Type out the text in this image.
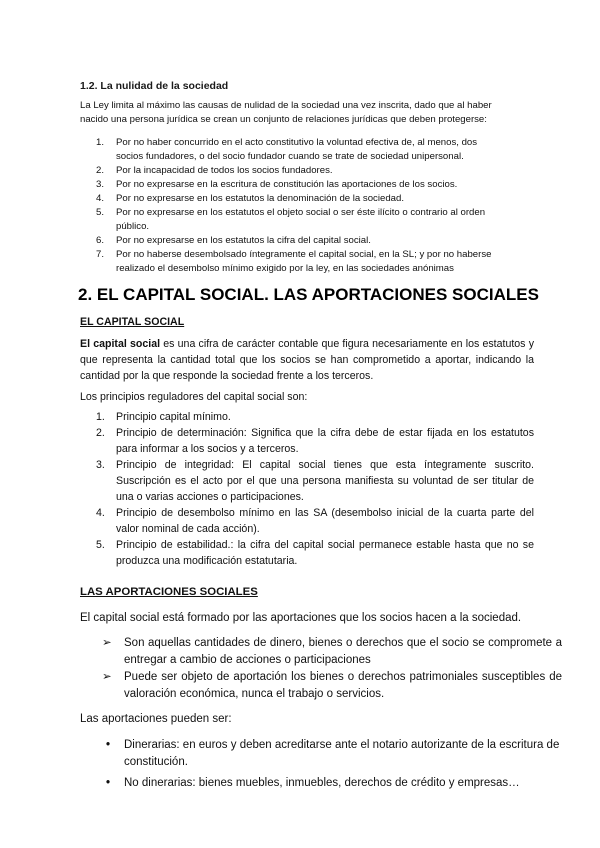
1.2. La nulidad de la sociedad

La Ley limita al máximo las causas de nulidad de la sociedad una vez inscrita, dado que al haber nacido una persona jurídica se crean un conjunto de relaciones jurídicas que deben protegerse:

1. Por no haber concurrido en el acto constitutivo la voluntad efectiva de, al menos, dos socios fundadores, o del socio fundador cuando se trate de sociedad unipersonal.
2. Por la incapacidad de todos los socios fundadores.
3. Por no expresarse en la escritura de constitución las aportaciones de los socios.
4. Por no expresarse en los estatutos la denominación de la sociedad.
5. Por no expresarse en los estatutos el objeto social o ser éste ilícito o contrario al orden público.
6. Por no expresarse en los estatutos la cifra del capital social.
7. Por no haberse desembolsado íntegramente el capital social, en la SL; y por no haberse realizado el desembolso mínimo exigido por la ley, en las sociedades anónimas
2. EL CAPITAL SOCIAL. LAS APORTACIONES SOCIALES
EL CAPITAL SOCIAL

El capital social es una cifra de carácter contable que figura necesariamente en los estatutos y que representa la cantidad total que los socios se han comprometido a aportar, indicando la cantidad por la que responde la sociedad frente a los terceros.

Los principios reguladores del capital social son:

1. Principio capital mínimo.
2. Principio de determinación: Significa que la cifra debe de estar fijada en los estatutos para informar a los socios y a terceros.
3. Principio de integridad: El capital social tienes que esta íntegramente suscrito. Suscripción es el acto por el que una persona manifiesta su voluntad de ser titular de una o varias acciones o participaciones.
4. Principio de desembolso mínimo en las SA (desembolso inicial de la cuarta parte del valor nominal de cada acción).
5. Principio de estabilidad.: la cifra del capital social permanece estable hasta que no se produzca una modificación estatutaria.
LAS APORTACIONES SOCIALES

El capital social está formado por las aportaciones que los socios hacen a la sociedad.

➢ Son aquellas cantidades de dinero, bienes o derechos que el socio se compromete a entregar a cambio de acciones o participaciones
➢ Puede ser objeto de aportación los bienes o derechos patrimoniales susceptibles de valoración económica, nunca el trabajo o servicios.

Las aportaciones pueden ser:

• Dinerarias: en euros y deben acreditarse ante el notario autorizante de la escritura de constitución.
• No dinerarias: bienes muebles, inmuebles, derechos de crédito y empresas…
